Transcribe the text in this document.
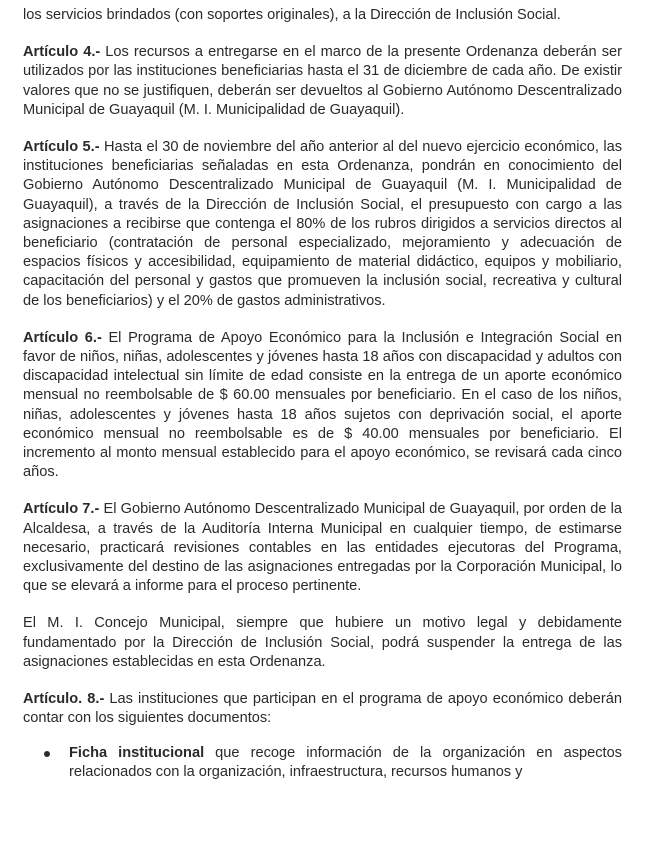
los servicios brindados (con soportes originales), a la Dirección de Inclusión Social.

Artículo 4.- Los recursos a entregarse en el marco de la presente Ordenanza deberán ser utilizados por las instituciones beneficiarias hasta el 31 de diciembre de cada año. De existir valores que no se justifiquen, deberán ser devueltos al Gobierno Autónomo Descentralizado Municipal de Guayaquil (M. I. Municipalidad de Guayaquil).

Artículo 5.- Hasta el 30 de noviembre del año anterior al del nuevo ejercicio económico, las instituciones beneficiarias señaladas en esta Ordenanza, pondrán en conocimiento del Gobierno Autónomo Descentralizado Municipal de Guayaquil (M. I. Municipalidad de Guayaquil), a través de la Dirección de Inclusión Social, el presupuesto con cargo a las asignaciones a recibirse que contenga el 80% de los rubros dirigidos a servicios directos al beneficiario (contratación de personal especializado, mejoramiento y adecuación de espacios físicos y accesibilidad, equipamiento de material didáctico, equipos y mobiliario, capacitación del personal y gastos que promueven la inclusión social, recreativa y cultural de los beneficiarios) y el 20% de gastos administrativos.

Artículo 6.- El Programa de Apoyo Económico para la Inclusión e Integración Social en favor de niños, niñas, adolescentes y jóvenes hasta 18 años con discapacidad y adultos con discapacidad intelectual sin límite de edad consiste en la entrega de un aporte económico mensual no reembolsable de $ 60.00 mensuales por beneficiario. En el caso de los niños, niñas, adolescentes y jóvenes hasta 18 años sujetos con deprivación social, el aporte económico mensual no reembolsable es de $ 40.00 mensuales por beneficiario. El incremento al monto mensual establecido para el apoyo económico, se revisará cada cinco años.

Artículo 7.- El Gobierno Autónomo Descentralizado Municipal de Guayaquil, por orden de la Alcaldesa, a través de la Auditoría Interna Municipal en cualquier tiempo, de estimarse necesario, practicará revisiones contables en las entidades ejecutoras del Programa, exclusivamente del destino de las asignaciones entregadas por la Corporación Municipal, lo que se elevará a informe para el proceso pertinente.

El M. I. Concejo Municipal, siempre que hubiere un motivo legal y debidamente fundamentado por la Dirección de Inclusión Social, podrá suspender la entrega de las asignaciones establecidas en esta Ordenanza.

Artículo. 8.- Las instituciones que participan en el programa de apoyo económico deberán contar con los siguientes documentos:

Ficha institucional que recoge información de la organización en aspectos relacionados con la organización, infraestructura, recursos humanos y
